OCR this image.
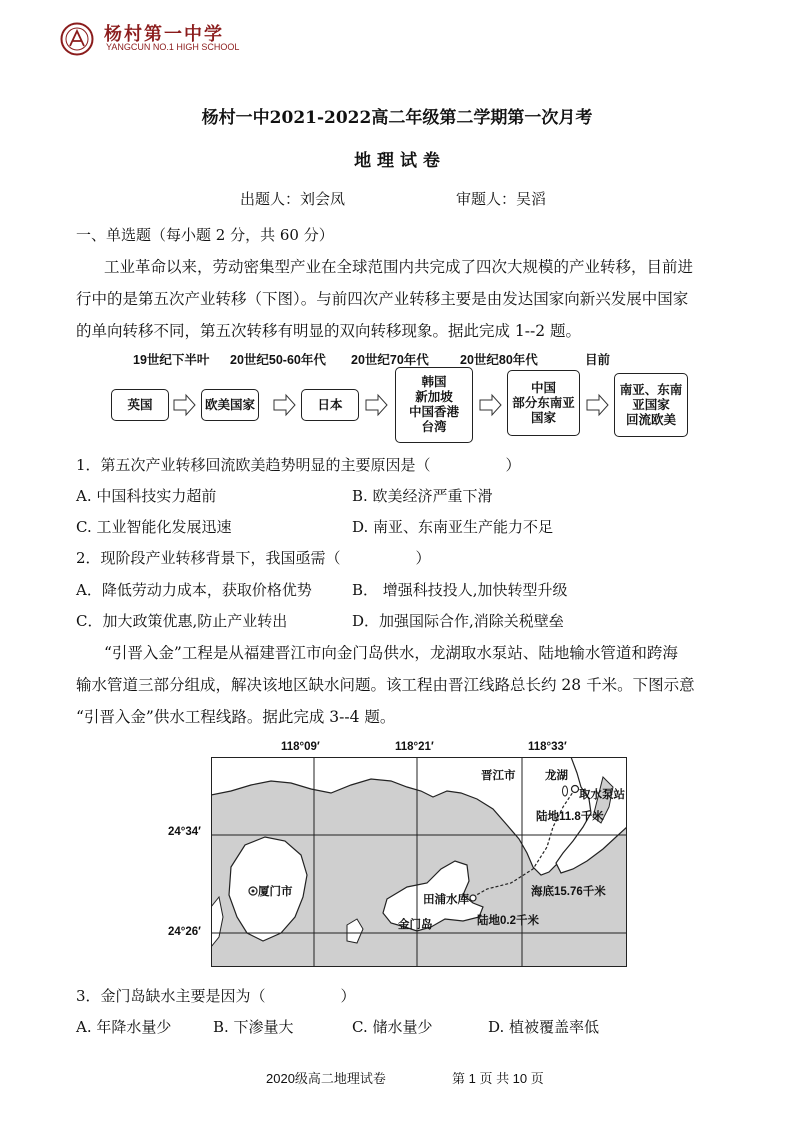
杨村第一中学
YANGCUN NO.1 HIGH SCHOOL
杨村一中2021-2022高二年级第二学期第一次月考
地 理 试 卷
出题人：刘会凤	审题人：吴滔
一、单选题（每小题 2 分，共 60 分）
工业革命以来，劳动密集型产业在全球范围内共完成了四次大规模的产业转移，目前进
行中的是第五次产业转移（下图）。与前四次产业转移主要是由发达国家向新兴发展中国家
的单向转移不同，第五次转移有明显的双向转移现象。据此完成 1--2 题。
19世纪下半叶 20世纪50-60年代 20世纪70年代 20世纪80年代	目前
英国	欧美国家	日本
韩国
新加坡
中国香港
台湾
中国
部分东南亚
国家
南亚、东南
亚国家
回流欧美
1．第五次产业转移回流欧美趋势明显的主要原因是（　　　　　）
A. 中国科技实力超前	B. 欧美经济严重下滑
C. 工业智能化发展迅速	D. 南亚、东南亚生产能力不足
2．现阶段产业转移背景下，我国亟需（　　　　　）
A．降低劳动力成本，获取价格优势	B． 增强科技投人,加快转型升级
C．加大政策优惠,防止产业转出	D．加强国际合作,消除关税壁垒
“引晋入金”工程是从福建晋江市向金门岛供水，龙湖取水泵站、陆地输水管道和跨海
输水管道三部分组成，解决该地区缺水问题。该工程由晋江线路总长约 28 千米。下图示意
“引晋入金”供水工程线路。据此完成 3--4 题。
118°09′	118°21′	118°33′
24°34′
24°26′
晋江市	龙湖
取水泵站
陆地11.8千米
厦门市
田浦水库
海底15.76千米
金门岛	陆地0.2千米
3．金门岛缺水主要是因为（　　　　　）
A. 年降水量少	B. 下渗量大	C. 储水量少	D. 植被覆盖率低
2020级高二地理试卷	第 1 页 共 10 页
